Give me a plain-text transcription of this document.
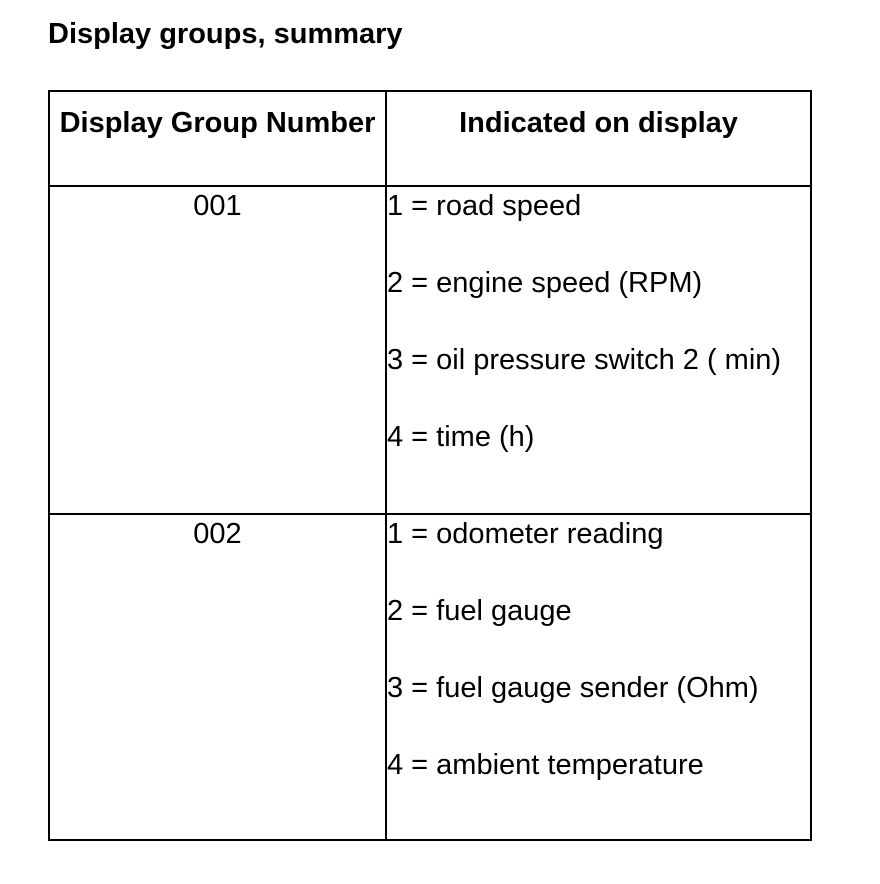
Display groups, summary
Display Group Number	Indicated on display
001	1 = road speed

2 = engine speed (RPM)

3 = oil pressure switch 2 ( min)

4 = time (h)

002	1 = odometer reading

2 = fuel gauge

3 = fuel gauge sender (Ohm)

4 = ambient temperature
